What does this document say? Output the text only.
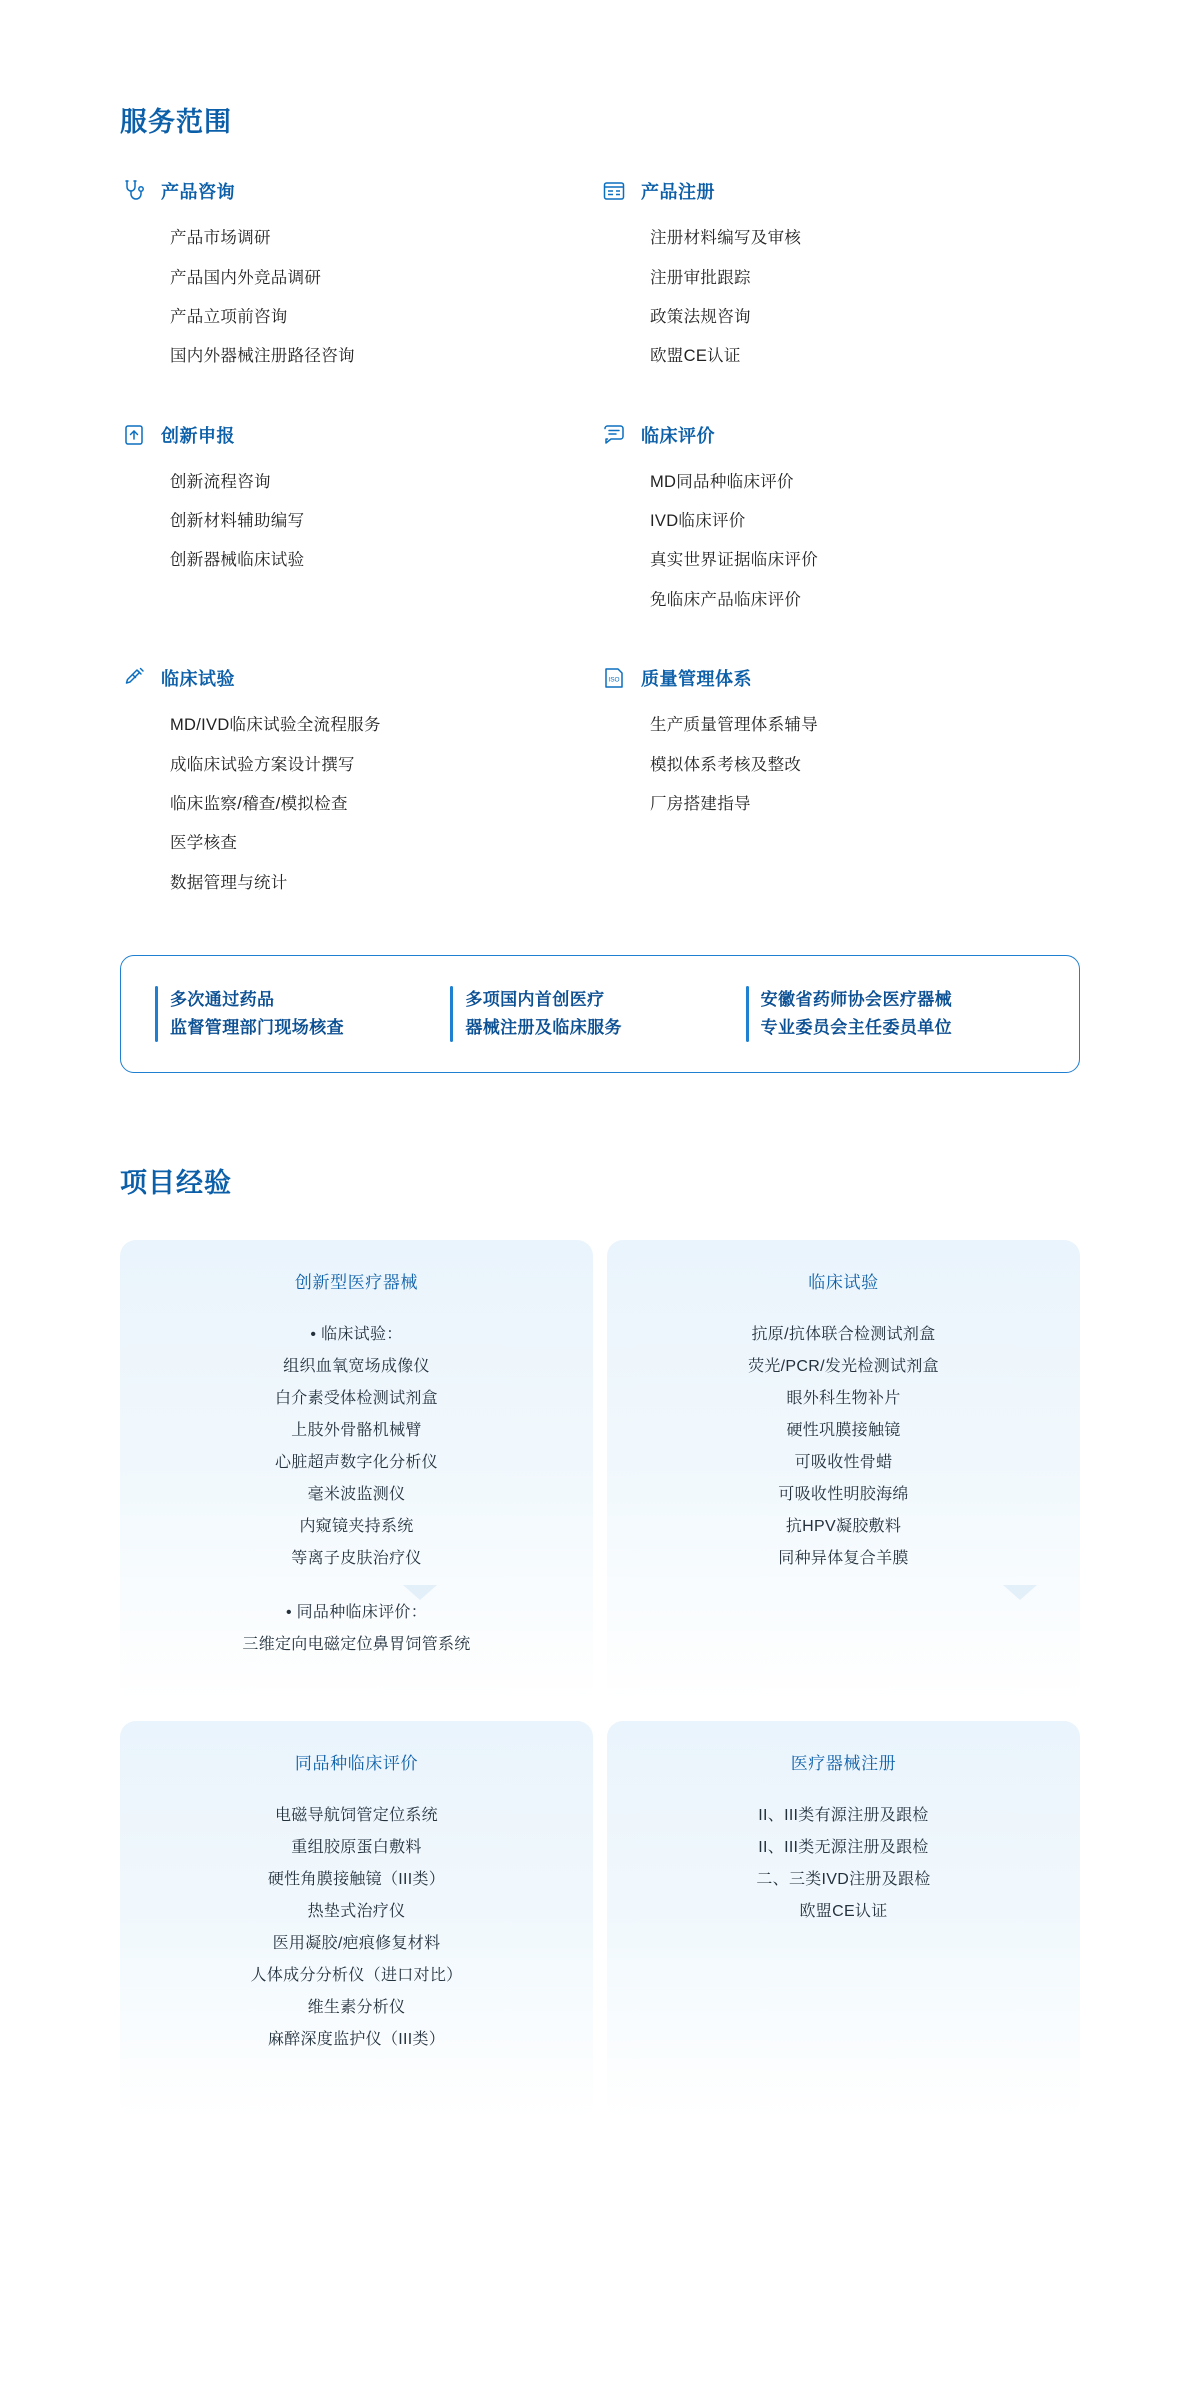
服务范围
产品咨询
产品市场调研
产品国内外竞品调研
产品立项前咨询
国内外器械注册路径咨询
产品注册
注册材料编写及审核
注册审批跟踪
政策法规咨询
欧盟CE认证
创新申报
创新流程咨询
创新材料辅助编写
创新器械临床试验
临床评价
MD同品种临床评价
IVD临床评价
真实世界证据临床评价
免临床产品临床评价
临床试验
MD/IVD临床试验全流程服务
成临床试验方案设计撰写
临床监察/稽查/模拟检查
医学核查
数据管理与统计
ISO 质量管理体系
生产质量管理体系辅导
模拟体系考核及整改
厂房搭建指导
多次通过药品
监督管理部门现场核查
多项国内首创医疗
器械注册及临床服务
安徽省药师协会医疗器械
专业委员会主任委员单位
项目经验
创新型医疗器械
• 临床试验：
组织血氧宽场成像仪
白介素受体检测试剂盒
上肢外骨骼机械臂
心脏超声数字化分析仪
毫米波监测仪
内窥镜夹持系统
等离子皮肤治疗仪
• 同品种临床评价：
三维定向电磁定位鼻胃饲管系统
临床试验
抗原/抗体联合检测试剂盒
荧光/PCR/发光检测试剂盒
眼外科生物补片
硬性巩膜接触镜
可吸收性骨蜡
可吸收性明胶海绵
抗HPV凝胶敷料
同种异体复合羊膜
同品种临床评价
电磁导航饲管定位系统
重组胶原蛋白敷料
硬性角膜接触镜（III类）
热垫式治疗仪
医用凝胶/疤痕修复材料
人体成分分析仪（进口对比）
维生素分析仪
麻醉深度监护仪（III类）
医疗器械注册
II、III类有源注册及跟检
II、III类无源注册及跟检
二、三类IVD注册及跟检
欧盟CE认证
